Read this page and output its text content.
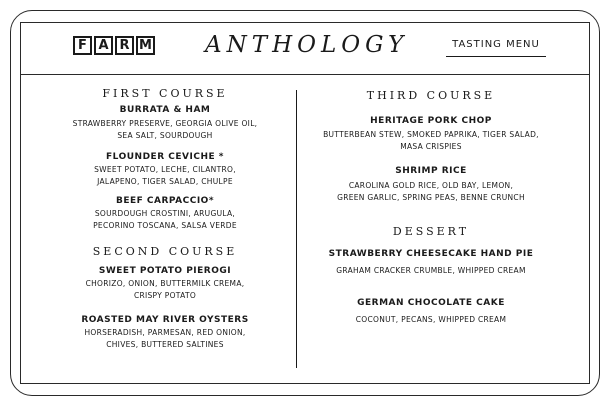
F A R M ANTHOLOGY	TASTING MENU
FIRST COURSE
BURRATA & HAM
STRAWBERRY PRESERVE, GEORGIA OLIVE OIL,
SEA SALT, SOURDOUGH
FLOUNDER CEVICHE *
SWEET POTATO, LECHE, CILANTRO,
JALAPENO, TIGER SALAD, CHULPE
BEEF CARPACCIO*
SOURDOUGH CROSTINI, ARUGULA,
PECORINO TOSCANA, SALSA VERDE
SECOND COURSE
SWEET POTATO PIEROGI
CHORIZO, ONION, BUTTERMILK CREMA,
CRISPY POTATO
ROASTED MAY RIVER OYSTERS
HORSERADISH, PARMESAN, RED ONION,
CHIVES, BUTTERED SALTINES
THIRD COURSE
HERITAGE PORK CHOP
BUTTERBEAN STEW, SMOKED PAPRIKA, TIGER SALAD,
MASA CRISPIES
SHRIMP RICE
CAROLINA GOLD RICE, OLD BAY, LEMON,
GREEN GARLIC, SPRING PEAS, BENNE CRUNCH
DESSERT
STRAWBERRY CHEESECAKE HAND PIE
GRAHAM CRACKER CRUMBLE, WHIPPED CREAM
GERMAN CHOCOLATE CAKE
COCONUT, PECANS, WHIPPED CREAM
